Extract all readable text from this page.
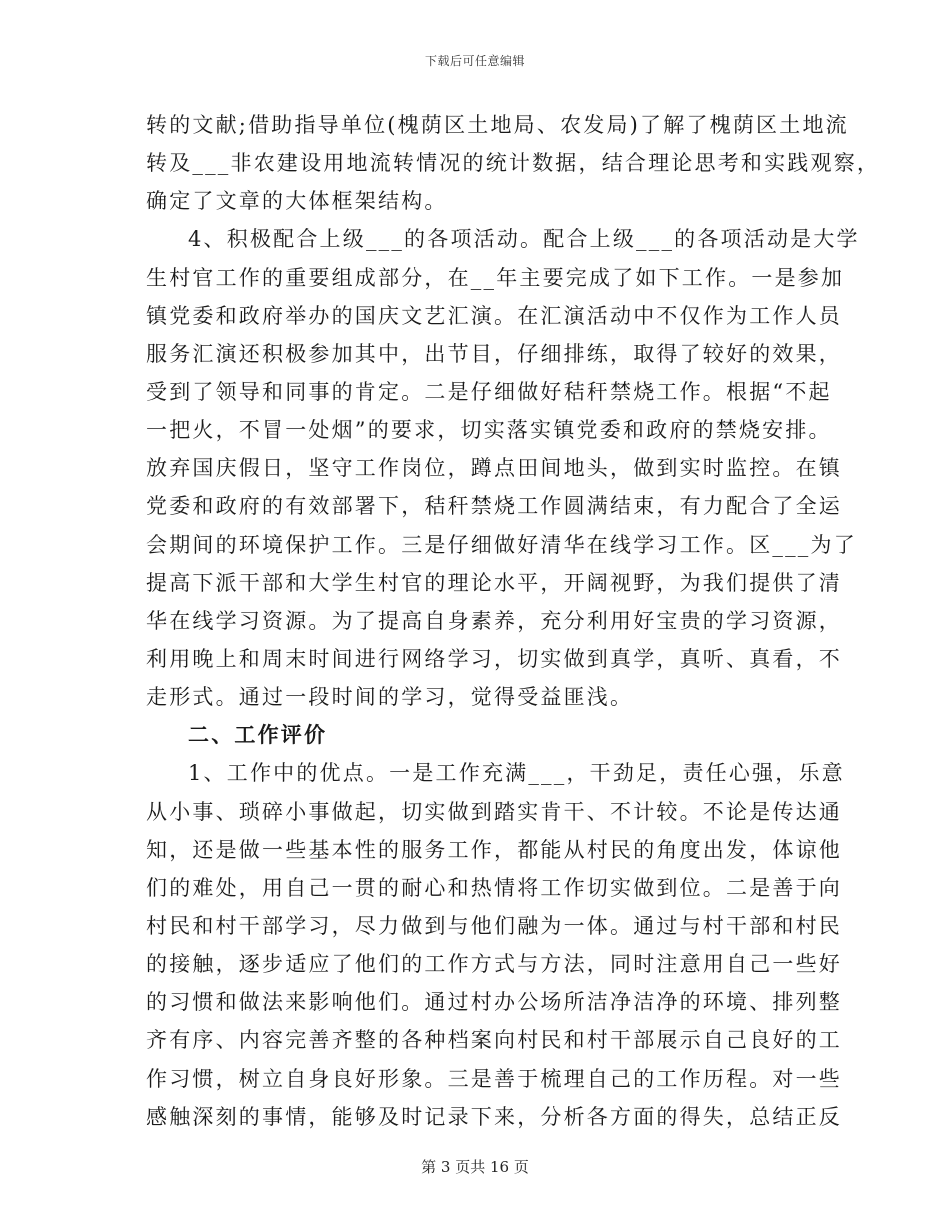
下载后可任意编辑
转的文献;借助指导单位(槐荫区土地局、农发局)了解了槐荫区土地流
转及___非农建设用地流转情况的统计数据，结合理论思考和实践观察，
确定了文章的大体框架结构。
4、积极配合上级___的各项活动。配合上级___的各项活动是大学
生村官工作的重要组成部分，在__年主要完成了如下工作。一是参加
镇党委和政府举办的国庆文艺汇演。在汇演活动中不仅作为工作人员
服务汇演还积极参加其中，出节目，仔细排练，取得了较好的效果，
受到了领导和同事的肯定。二是仔细做好秸秆禁烧工作。根据“不起
一把火，不冒一处烟”的要求，切实落实镇党委和政府的禁烧安排。
放弃国庆假日，坚守工作岗位，蹲点田间地头，做到实时监控。在镇
党委和政府的有效部署下，秸秆禁烧工作圆满结束，有力配合了全运
会期间的环境保护工作。三是仔细做好清华在线学习工作。区___为了
提高下派干部和大学生村官的理论水平，开阔视野，为我们提供了清
华在线学习资源。为了提高自身素养，充分利用好宝贵的学习资源，
利用晚上和周末时间进行网络学习，切实做到真学，真听、真看，不
走形式。通过一段时间的学习，觉得受益匪浅。
二、工作评价
1、工作中的优点。一是工作充满___，干劲足，责任心强，乐意
从小事、琐碎小事做起，切实做到踏实肯干、不计较。不论是传达通
知，还是做一些基本性的服务工作，都能从村民的角度出发，体谅他
们的难处，用自己一贯的耐心和热情将工作切实做到位。二是善于向
村民和村干部学习，尽力做到与他们融为一体。通过与村干部和村民
的接触，逐步适应了他们的工作方式与方法，同时注意用自己一些好
的习惯和做法来影响他们。通过村办公场所洁净洁净的环境、排列整
齐有序、内容完善齐整的各种档案向村民和村干部展示自己良好的工
作习惯，树立自身良好形象。三是善于梳理自己的工作历程。对一些
感触深刻的事情，能够及时记录下来，分析各方面的得失，总结正反
第 3 页共 16 页
